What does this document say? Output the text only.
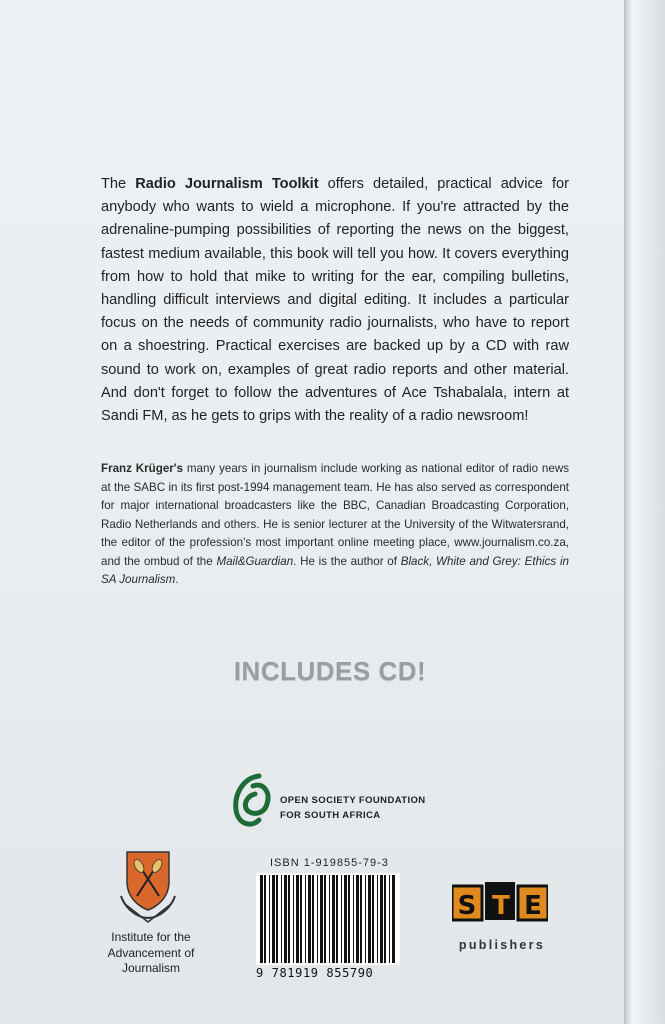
The Radio Journalism Toolkit offers detailed, practical advice for anybody who wants to wield a microphone. If you're attracted by the adrenaline-pumping possibilities of reporting the news on the biggest, fastest medium available, this book will tell you how. It covers everything from how to hold that mike to writing for the ear, compiling bulletins, handling difficult interviews and digital editing. It includes a particular focus on the needs of community radio journalists, who have to report on a shoestring. Practical exercises are backed up by a CD with raw sound to work on, examples of great radio reports and other material. And don't forget to follow the adventures of Ace Tshabalala, intern at Sandi FM, as he gets to grips with the reality of a radio newsroom!
Franz Krüger's many years in journalism include working as national editor of radio news at the SABC in its first post-1994 management team. He has also served as correspondent for major international broadcasters like the BBC, Canadian Broadcasting Corporation, Radio Netherlands and others. He is senior lecturer at the University of the Witwatersrand, the editor of the profession's most important online meeting place, www.journalism.co.za, and the ombud of the Mail&Guardian. He is the author of Black, White and Grey: Ethics in SA Journalism.
INCLUDES CD!
OPEN SOCIETY FOUNDATION
FOR SOUTH AFRICA
Institute for the
Advancement of
Journalism
ISBN 1-919855-79-3
9 781919 855790
S T E
publishers
